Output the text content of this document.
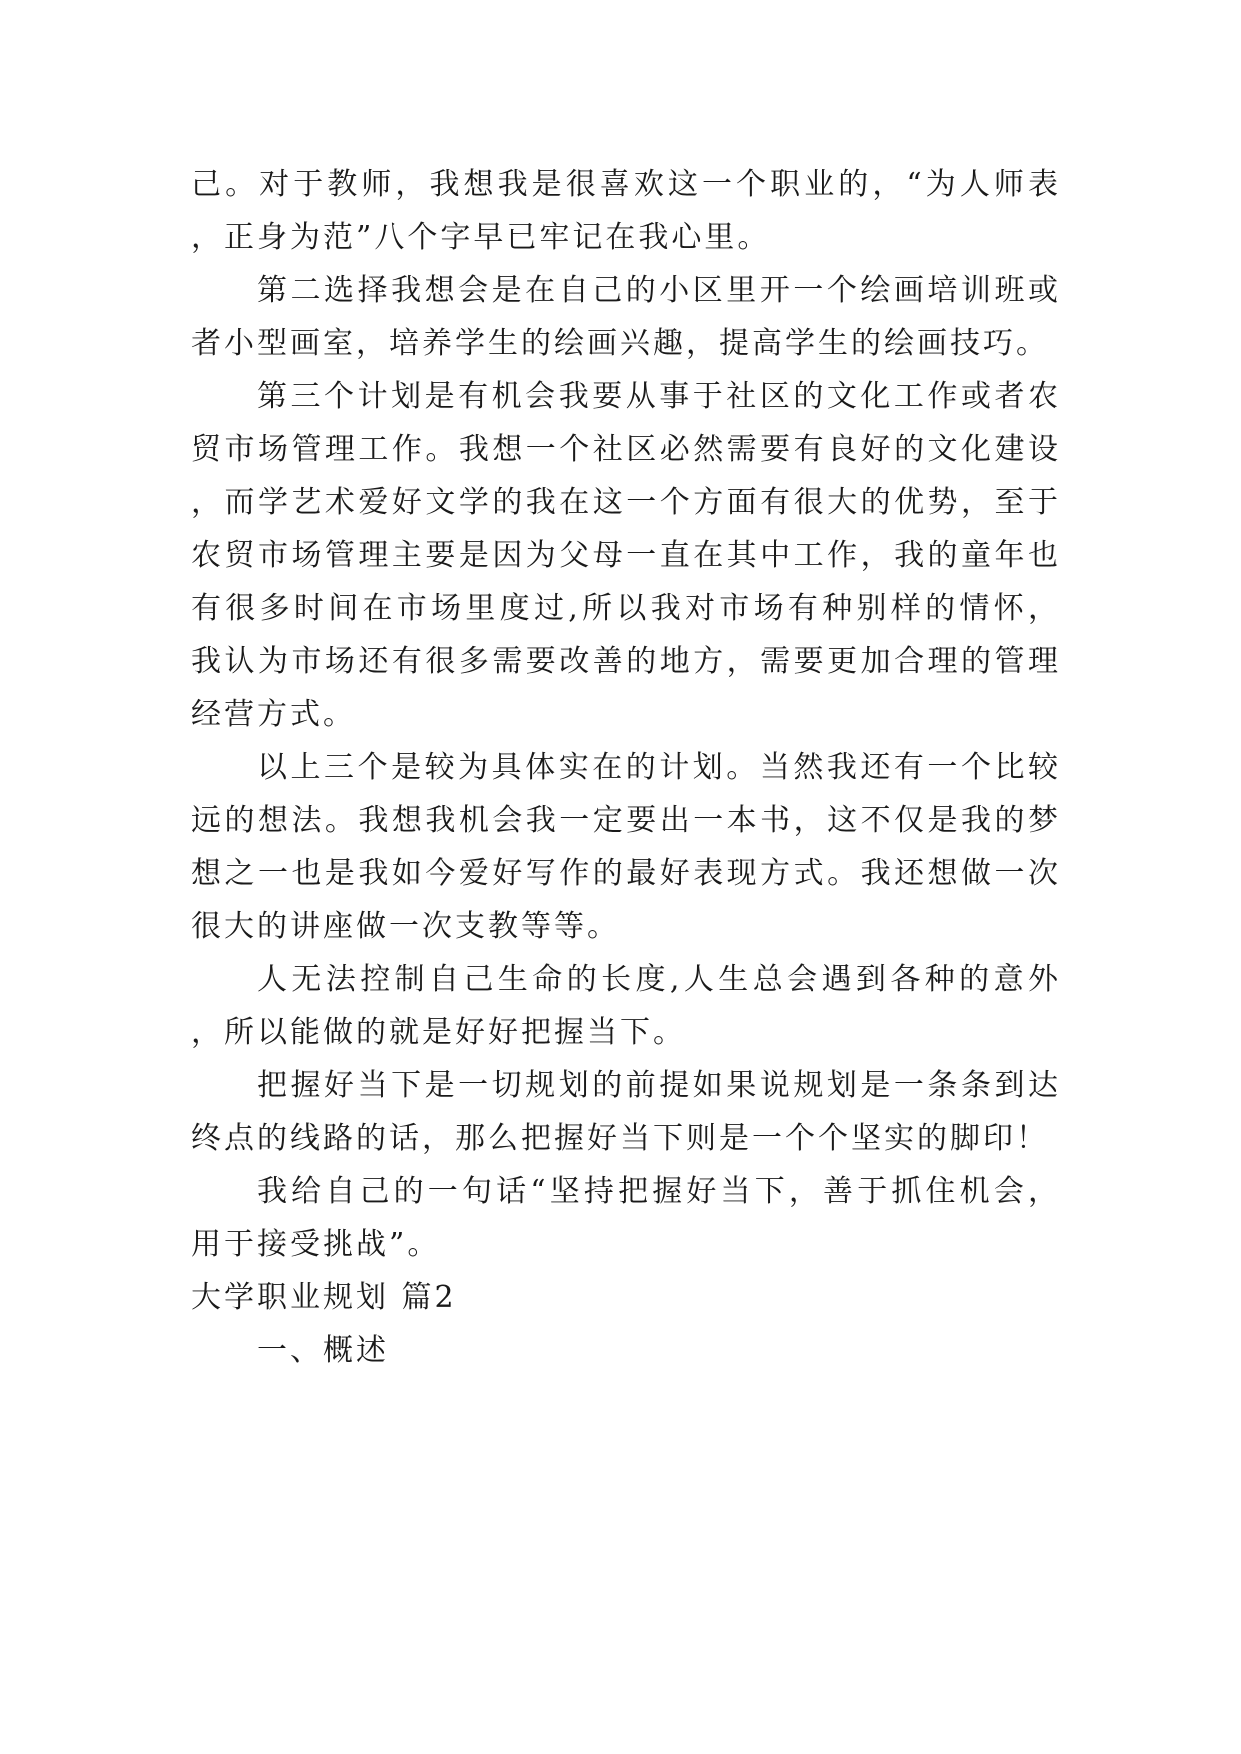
己。对于教师，我想我是很喜欢这一个职业的，“为人师表，正身为范”八个字早已牢记在我心里。

第二选择我想会是在自己的小区里开一个绘画培训班或者小型画室，培养学生的绘画兴趣，提高学生的绘画技巧。

第三个计划是有机会我要从事于社区的文化工作或者农贸市场管理工作。我想一个社区必然需要有良好的文化建设，而学艺术爱好文学的我在这一个方面有很大的优势，至于农贸市场管理主要是因为父母一直在其中工作，我的童年也有很多时间在市场里度过,所以我对市场有种别样的情怀，我认为市场还有很多需要改善的地方，需要更加合理的管理经营方式。

以上三个是较为具体实在的计划。当然我还有一个比较远的想法。我想我机会我一定要出一本书，这不仅是我的梦想之一也是我如今爱好写作的最好表现方式。我还想做一次很大的讲座做一次支教等等。

人无法控制自己生命的长度,人生总会遇到各种的意外，所以能做的就是好好把握当下。

把握好当下是一切规划的前提如果说规划是一条条到达终点的线路的话，那么把握好当下则是一个个坚实的脚印！

我给自己的一句话“坚持把握好当下，善于抓住机会，用于接受挑战”。

大学职业规划 篇2
一、概述
